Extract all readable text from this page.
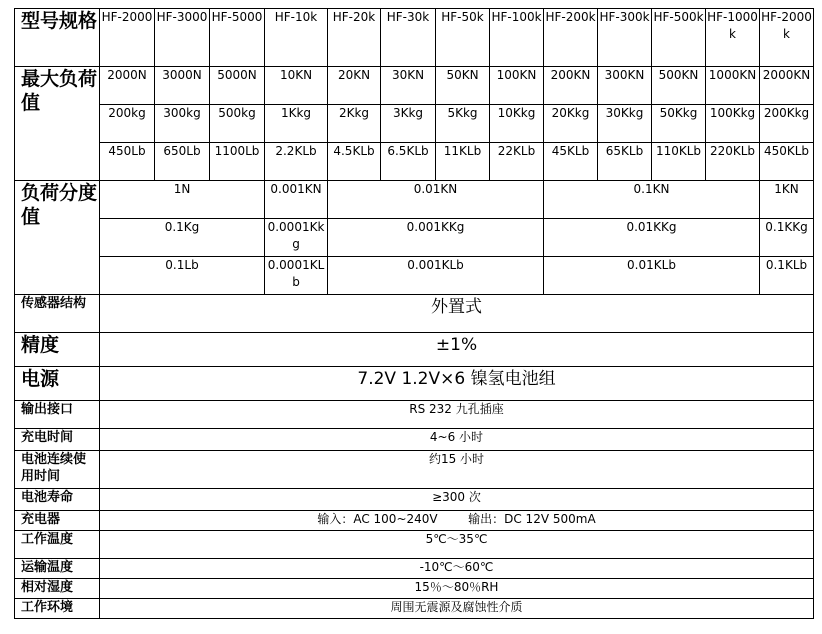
型号规格	HF-2000	HF-3000	HF-5000	HF-10k	HF-20k	HF-30k	HF-50k	HF-100k	HF-200k	HF-300k	HF-500k	HF-1000k	HF-2000k
最大负荷值	2000N	3000N	5000N	10KN	20KN	30KN	50KN	100KN	200KN	300KN	500KN	1000KN	2000KN
	200kg	300kg	500kg	1Kkg	2Kkg	3Kkg	5Kkg	10Kkg	20Kkg	30Kkg	50Kkg	100Kkg	200Kkg
	450Lb	650Lb	1100Lb	2.2KLb	4.5KLb	6.5KLb	11KLb	22KLb	45KLb	65KLb	110KLb	220KLb	450KLb
负荷分度值	1N			0.001KN	0.01KN				0.1KN				1KN
	0.1Kg			0.0001Kkg	0.001KKg				0.01KKg				0.1KKg
	0.1Lb			0.0001KLb	0.001KLb				0.01KLb				0.1KLb
传感器结构	外置式												
精度	±1%												
电源	7.2V 1.2V×6 镍氢电池组												
输出接口	RS 232 九孔插座												
充电时间	4~6 小时												
电池连续使用时间	约15 小时												
电池寿命	≥300 次												
充电器	输入：AC 100~240V        输出：DC 12V 500mA												
工作温度	5℃～35℃												
运输温度	-10℃～60℃												
相对湿度	15％～80％RH												
工作环境	周围无震源及腐蚀性介质												
